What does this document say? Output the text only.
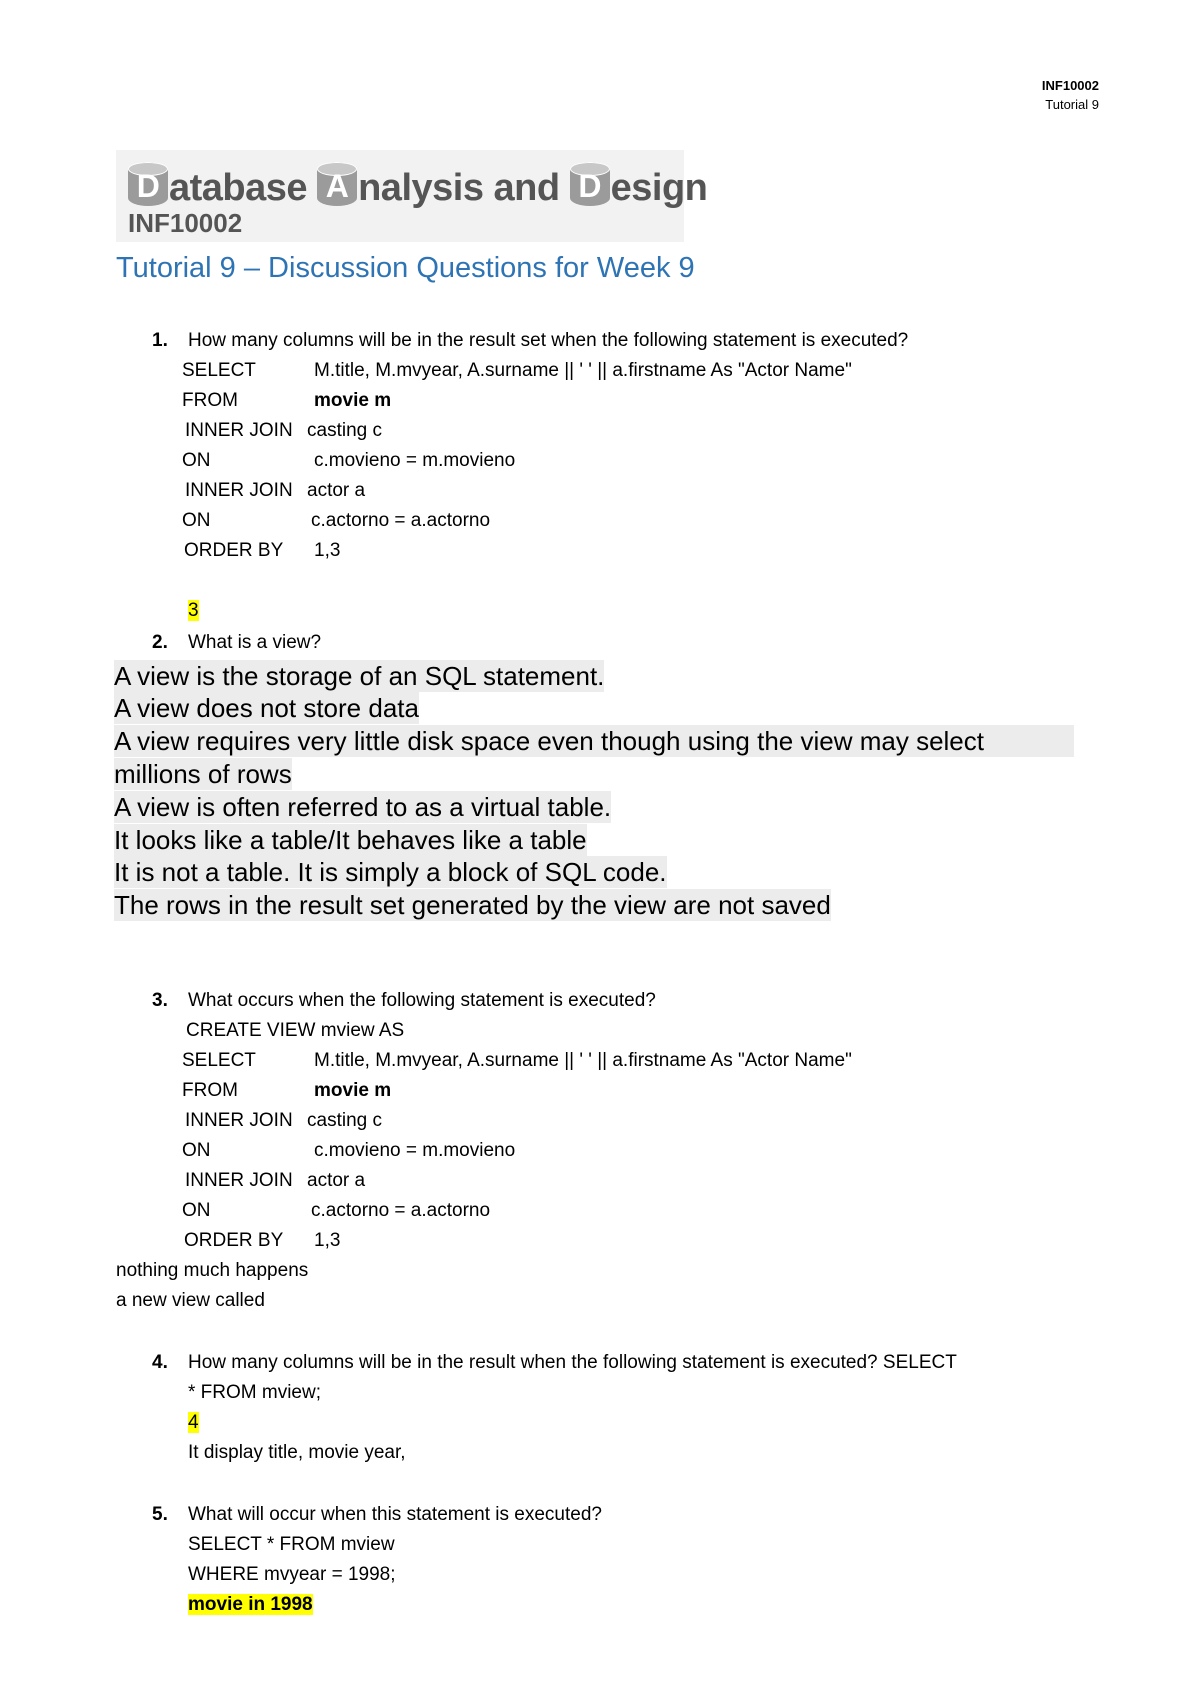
INF10002
Tutorial 9
D atabase A nalysis and D esign
INF10002
Tutorial 9 – Discussion Questions for Week 9
1. How many columns will be in the result set when the following statement is executed?
SELECT	M.title, M.mvyear, A.surname || ' ' || a.firstname As "Actor Name"
FROM	movie m
INNER JOIN casting c
ON	c.movieno = m.movieno
INNER JOIN actor a
ON	c.actorno = a.actorno
ORDER BY 1,3
3
2. What is a view?
A view is the storage of an SQL statement.
A view does not store data
A view requires very little disk space even though using the view may select
millions of rows
A view is often referred to as a virtual table.
It looks like a table/It behaves like a table
It is not a table. It is simply a block of SQL code.
The rows in the result set generated by the view are not saved
3. What occurs when the following statement is executed?
CREATE VIEW mview AS
SELECT	M.title, M.mvyear, A.surname || ' ' || a.firstname As "Actor Name"
FROM	movie m
INNER JOIN casting c
ON	c.movieno = m.movieno
INNER JOIN actor a
ON	c.actorno = a.actorno
ORDER BY 1,3
nothing much happens
a new view called
4. How many columns will be in the result when the following statement is executed? SELECT
* FROM mview;
4
It display title, movie year,
5. What will occur when this statement is executed?
SELECT * FROM mview
WHERE mvyear = 1998;
movie in 1998
